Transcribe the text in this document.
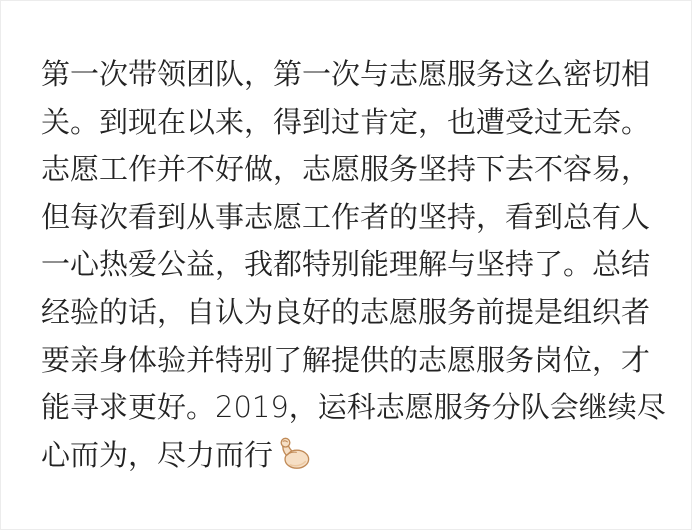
第一次带领团队，第一次与志愿服务这么密切相
关。到现在以来，得到过肯定，也遭受过无奈。
志愿工作并不好做，志愿服务坚持下去不容易，
但每次看到从事志愿工作者的坚持，看到总有人
一心热爱公益，我都特别能理解与坚持了。总结
经验的话，自认为良好的志愿服务前提是组织者
要亲身体验并特别了解提供的志愿服务岗位，才
能寻求更好。2019，运科志愿服务分队会继续尽
心而为，尽力而行
